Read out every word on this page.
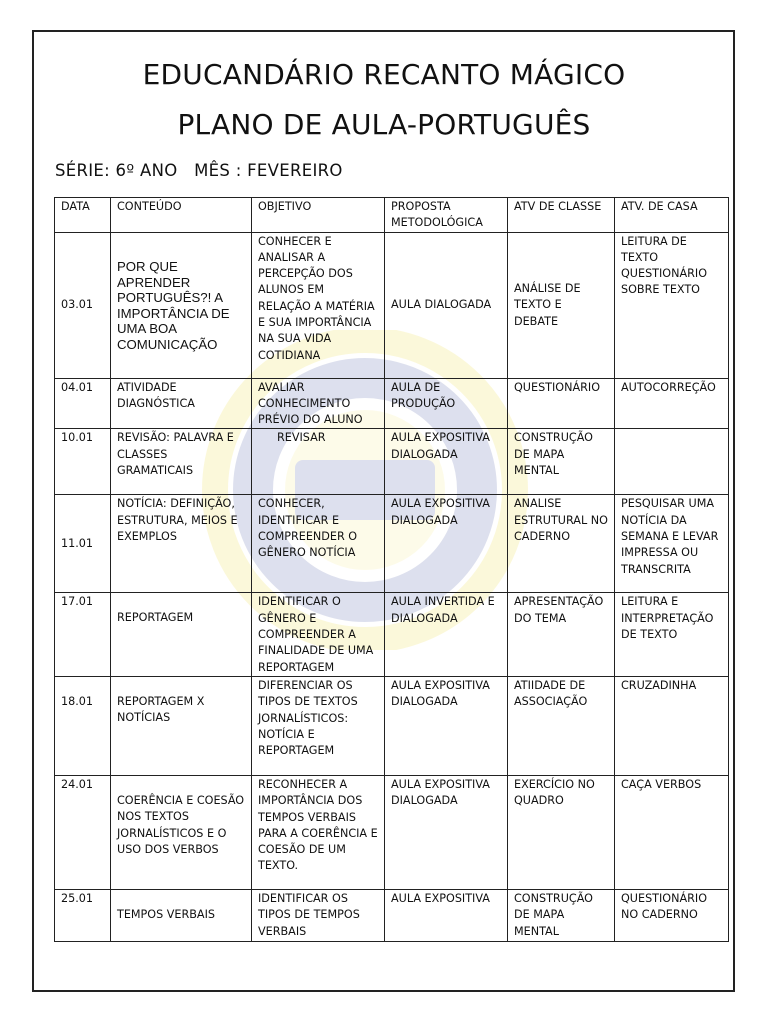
EDUCANDÁRIO RECANTO MÁGICO
PLANO DE AULA-PORTUGUÊS
SÉRIE: 6º ANO MÊS : FEVEREIRO
DATA	CONTEÚDO	OBJETIVO	PROPOSTA METODOLÓGICA	ATV DE CLASSE	ATV. DE CASA
03.01	POR QUE APRENDER PORTUGUÊS?! A IMPORTÂNCIA DE UMA BOA COMUNICAÇÃO	CONHECER E ANALISAR A PERCEPÇÃO DOS ALUNOS EM RELAÇÃO A MATÉRIA E SUA IMPORTÂNCIA NA SUA VIDA COTIDIANA	AULA DIALOGADA	ANÁLISE DE TEXTO E DEBATE	LEITURA DE TEXTO QUESTIONÁRIO SOBRE TEXTO
04.01	ATIVIDADE DIAGNÓSTICA	AVALIAR CONHECIMENTO PRÉVIO DO ALUNO	AULA DE PRODUÇÃO	QUESTIONÁRIO	AUTOCORREÇÃO
10.01	REVISÃO: PALAVRA E CLASSES GRAMATICAIS	REVISAR	AULA EXPOSITIVA DIALOGADA	CONSTRUÇÃO DE MAPA MENTAL	
11.01	NOTÍCIA: DEFINIÇÃO, ESTRUTURA, MEIOS E EXEMPLOS	CONHECER, IDENTIFICAR E COMPREENDER O GÊNERO NOTÍCIA	AULA EXPOSITIVA DIALOGADA	ANALISE ESTRUTURAL NO CADERNO	PESQUISAR UMA NOTÍCIA DA SEMANA E LEVAR IMPRESSA OU TRANSCRITA
17.01	REPORTAGEM	IDENTIFICAR O GÊNERO E COMPREENDER A FINALIDADE DE UMA REPORTAGEM	AULA INVERTIDA E DIALOGADA	APRESENTAÇÃO DO TEMA	LEITURA E INTERPRETAÇÃO DE TEXTO
18.01	REPORTAGEM X NOTÍCIAS	DIFERENCIAR OS TIPOS DE TEXTOS JORNALÍSTICOS: NOTÍCIA E REPORTAGEM	AULA EXPOSITIVA DIALOGADA	ATIIDADE DE ASSOCIAÇÃO	CRUZADINHA
24.01	COERÊNCIA E COESÃO NOS TEXTOS JORNALÍSTICOS E O USO DOS VERBOS	RECONHECER A IMPORTÂNCIA DOS TEMPOS VERBAIS PARA A COERÊNCIA E COESÃO DE UM TEXTO.	AULA EXPOSITIVA DIALOGADA	EXERCÍCIO NO QUADRO	CAÇA VERBOS
25.01	TEMPOS VERBAIS	IDENTIFICAR OS TIPOS DE TEMPOS VERBAIS	AULA EXPOSITIVA	CONSTRUÇÃO DE MAPA MENTAL	QUESTIONÁRIO NO CADERNO
